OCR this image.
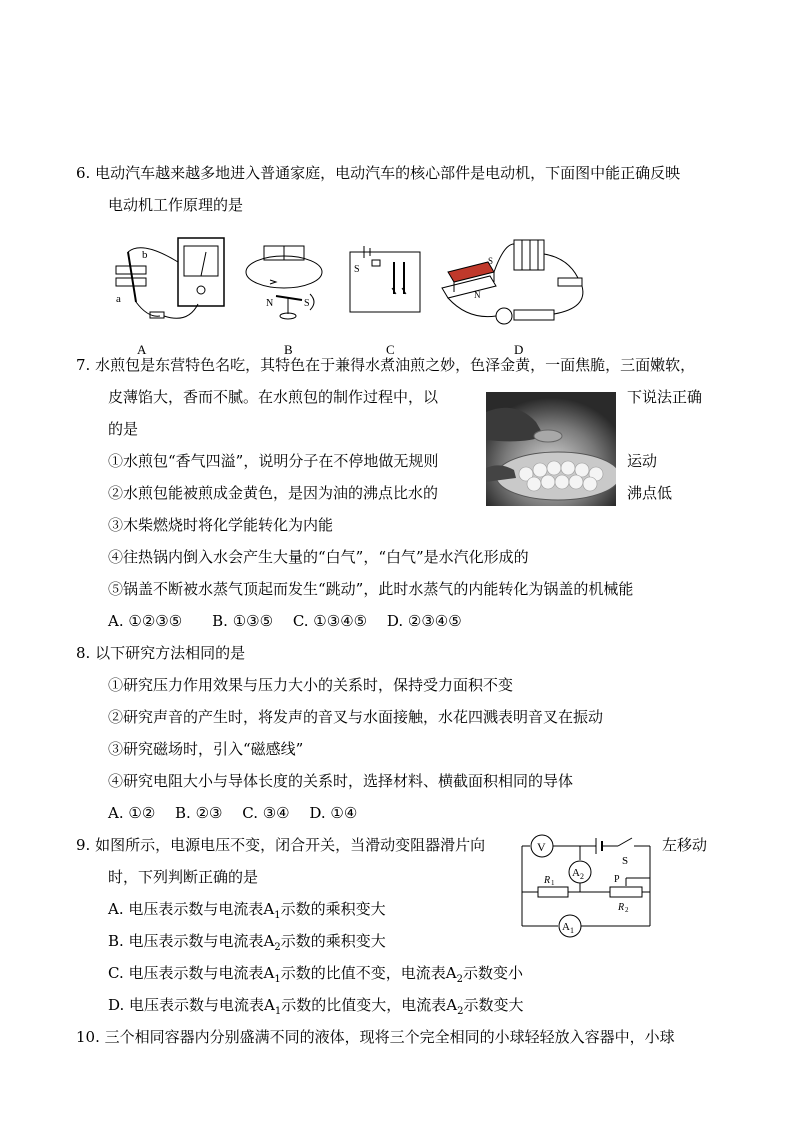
6. 电动汽车越来越多地进入普通家庭，电动汽车的核心部件是电动机，下面图中能正确反映
电动机工作原理的是
b
a
A
N	S
B
S
C
N
S
D
7. 水煎包是东营特色名吃，其特色在于兼得水煮油煎之妙，色泽金黄，一面焦脆，三面嫩软，
皮薄馅大，香而不腻。在水煎包的制作过程中，以	下说法正确
的是
①水煎包“香气四溢”，说明分子在不停地做无规则	运动
②水煎包能被煎成金黄色，是因为油的沸点比水的	沸点低
③木柴燃烧时将化学能转化为内能
④往热锅内倒入水会产生大量的“白气”，“白气”是水汽化形成的
⑤锅盖不断被水蒸气顶起而发生“跳动”，此时水蒸气的内能转化为锅盖的机械能
A. ①②③⑤　　B. ①③⑤　 C. ①③④⑤　 D. ②③④⑤
8. 以下研究方法相同的是
①研究压力作用效果与压力大小的关系时，保持受力面积不变
②研究声音的产生时，将发声的音叉与水面接触，水花四溅表明音叉在振动
③研究磁场时，引入“磁感线”
④研究电阻大小与导体长度的关系时，选择材料、横截面积相同的导体
A. ①②　 B. ②③　 C. ③④　 D. ①④
9. 如图所示，电源电压不变，闭合开关，当滑动变阻器滑片向	左移动
时，下列判断正确的是
V
S
A 2
R 1
R 2
P
A 1
A. 电压表示数与电流表$A_1$示数的乘积变大
B. 电压表示数与电流表$A_2$示数的乘积变大
C. 电压表示数与电流表$A_1$示数的比值不变，电流表$A_2$示数变小
D. 电压表示数与电流表$A_1$示数的比值变大，电流表$A_2$示数变大
10. 三个相同容器内分别盛满不同的液体，现将三个完全相同的小球轻轻放入容器中，小球
